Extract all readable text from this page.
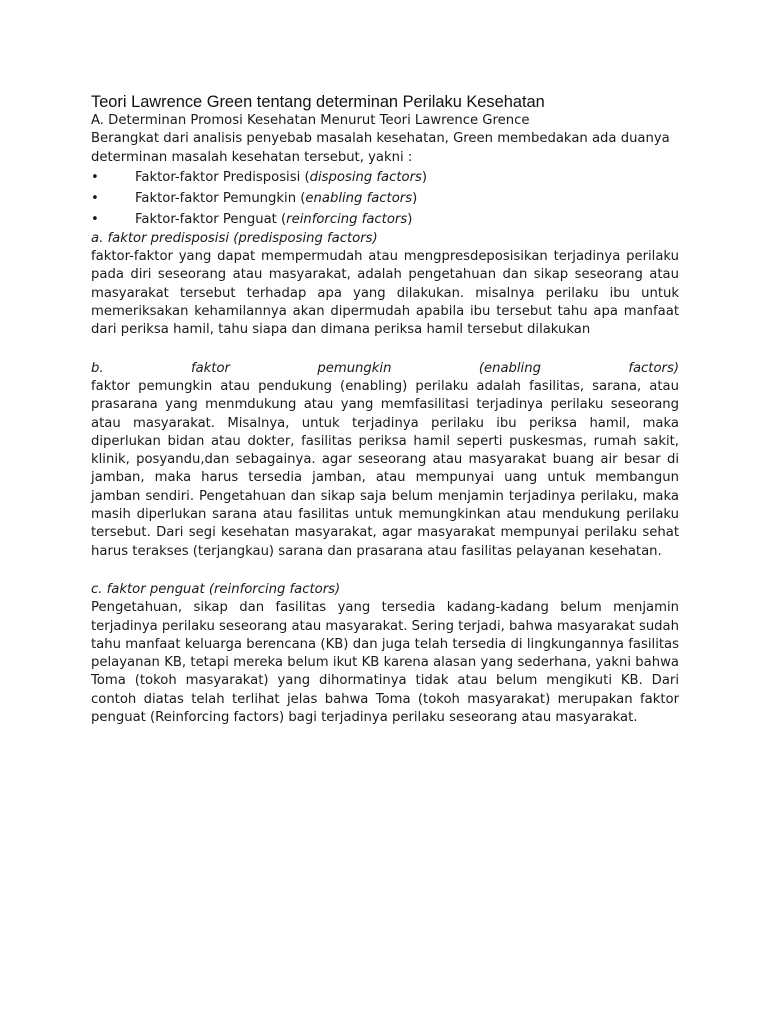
Teori Lawrence Green tentang determinan Perilaku Kesehatan

A. Determinan Promosi Kesehatan Menurut Teori Lawrence Grence

Berangkat dari analisis penyebab masalah kesehatan, Green membedakan ada duanya

determinan masalah kesehatan tersebut, yakni :

•	Faktor-faktor Predisposisi (disposing factors)
•	Faktor-faktor Pemungkin (enabling factors)
•	Faktor-faktor Penguat (reinforcing factors)

a. faktor predisposisi (predisposing factors)

faktor-faktor yang dapat mempermudah atau mengpresdeposisikan terjadinya perilaku pada diri seseorang atau masyarakat, adalah pengetahuan dan sikap seseorang atau masyarakat tersebut terhadap apa yang dilakukan. misalnya perilaku ibu untuk memeriksakan kehamilannya akan dipermudah apabila ibu tersebut tahu apa manfaat dari periksa hamil, tahu siapa dan dimana periksa hamil tersebut dilakukan

b. faktor pemungkin (enabling factors)

faktor pemungkin atau pendukung (enabling) perilaku adalah fasilitas, sarana, atau prasarana yang menmdukung atau yang memfasilitasi terjadinya perilaku seseorang atau masyarakat. Misalnya, untuk terjadinya perilaku ibu periksa hamil, maka diperlukan bidan atau dokter, fasilitas periksa hamil seperti puskesmas, rumah sakit, klinik, posyandu,dan sebagainya. agar seseorang atau masyarakat buang air besar di jamban, maka harus tersedia jamban, atau mempunyai uang untuk membangun jamban sendiri. Pengetahuan dan sikap saja belum menjamin terjadinya perilaku, maka masih diperlukan sarana atau fasilitas untuk memungkinkan atau mendukung perilaku tersebut. Dari segi kesehatan masyarakat, agar masyarakat mempunyai perilaku sehat harus terakses (terjangkau) sarana dan prasarana atau fasilitas pelayanan kesehatan.

c. faktor penguat (reinforcing factors)

Pengetahuan, sikap dan fasilitas yang tersedia kadang-kadang belum menjamin terjadinya perilaku seseorang atau masyarakat. Sering terjadi, bahwa masyarakat sudah tahu manfaat keluarga berencana (KB) dan juga telah tersedia di lingkungannya fasilitas pelayanan KB, tetapi mereka belum ikut KB karena alasan yang sederhana, yakni bahwa Toma (tokoh masyarakat) yang dihormatinya tidak atau belum mengikuti KB. Dari contoh diatas telah terlihat jelas bahwa Toma (tokoh masyarakat) merupakan faktor penguat (Reinforcing factors) bagi terjadinya perilaku seseorang atau masyarakat.
